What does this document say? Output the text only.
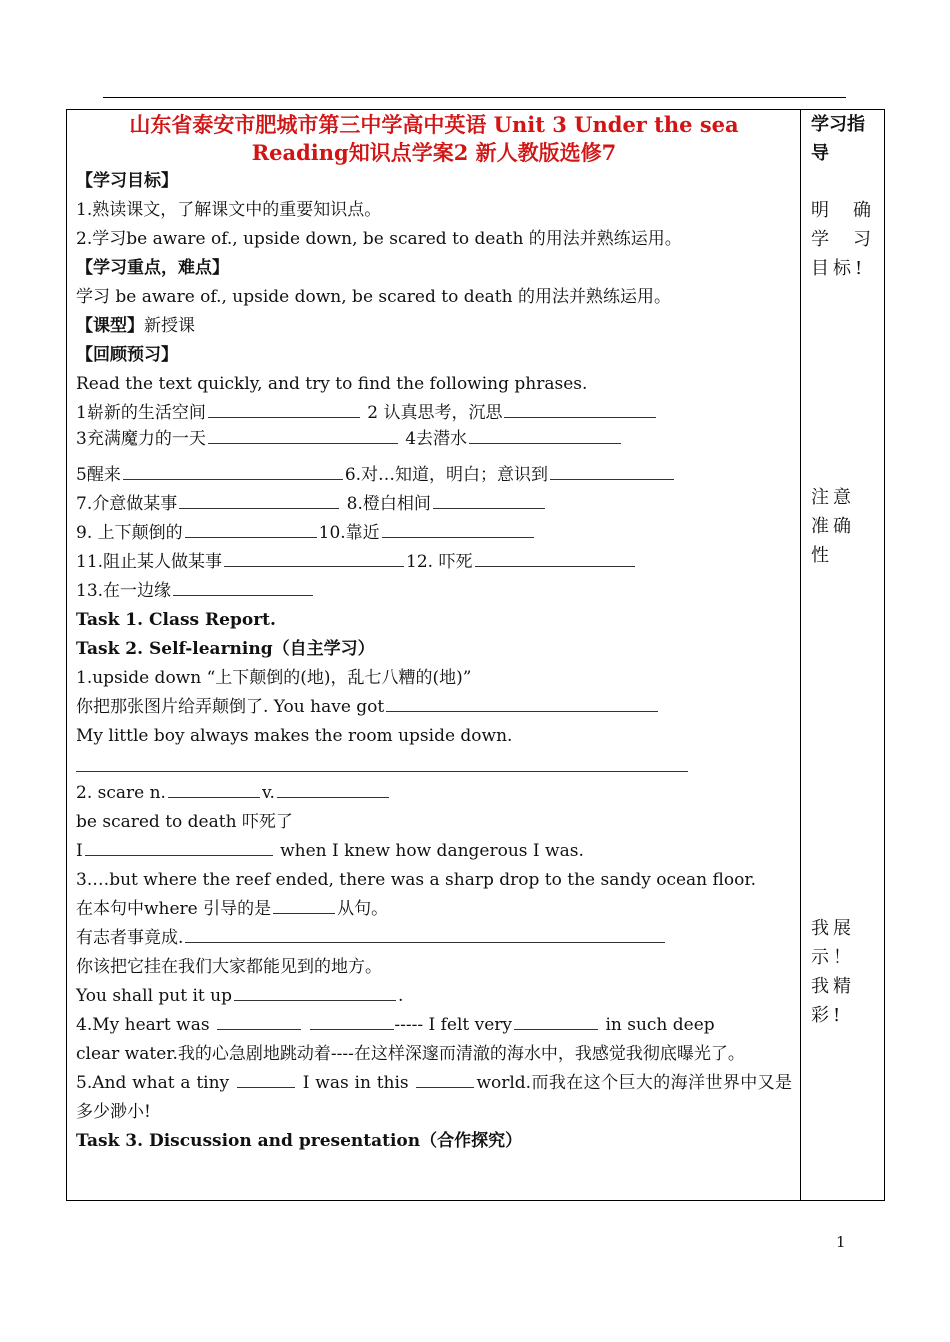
山东省泰安市肥城市第三中学高中英语 Unit 3 Under the sea
Reading知识点学案2 新人教版选修7
【学习目标】
1.熟读课文，了解课文中的重要知识点。
2.学习be aware of., upside down, be scared to death 的用法并熟练运用。
【学习重点，难点】
学习 be aware of., upside down, be scared to death 的用法并熟练运用。
【课型】新授课
【回顾预习】
Read the text quickly, and try to find the following phrases.
1崭新的生活空间	2 认真思考，沉思
3充满魔力的一天	4去潜水
5醒来	6.对…知道，明白；意识到
7.介意做某事	8.橙白相间
9. 上下颠倒的	10.靠近
11.阻止某人做某事	12. 吓死
13.在一边缘
Task 1. Class Report.
Task 2. Self-learning（自主学习）
1.upside down “上下颠倒的(地)，乱七八糟的(地)”
你把那张图片给弄颠倒了. You have got
My little boy always makes the room upside down.
2. scare n.	v.
be scared to death 吓死了
I	when I knew how dangerous I was.
3.…but where the reef ended, there was a sharp drop to the sandy ocean floor.
在本句中where 引导的是	从句。
有志者事竟成.
你该把它挂在我们大家都能见到的地方。
You shall put it up	.
4.My heart was	----- I felt very	in such deep
clear water.我的心急剧地跳动着----在这样深邃而清澈的海水中，我感觉我彻底曝光了。
5.And what a tiny	I was in this	world.而我在这个巨大的海洋世界中又是多少渺小!
Task 3. Discussion and presentation（合作探究）
学习指导
明确学习目标!
注意准确性
我展示！我精彩!
1
